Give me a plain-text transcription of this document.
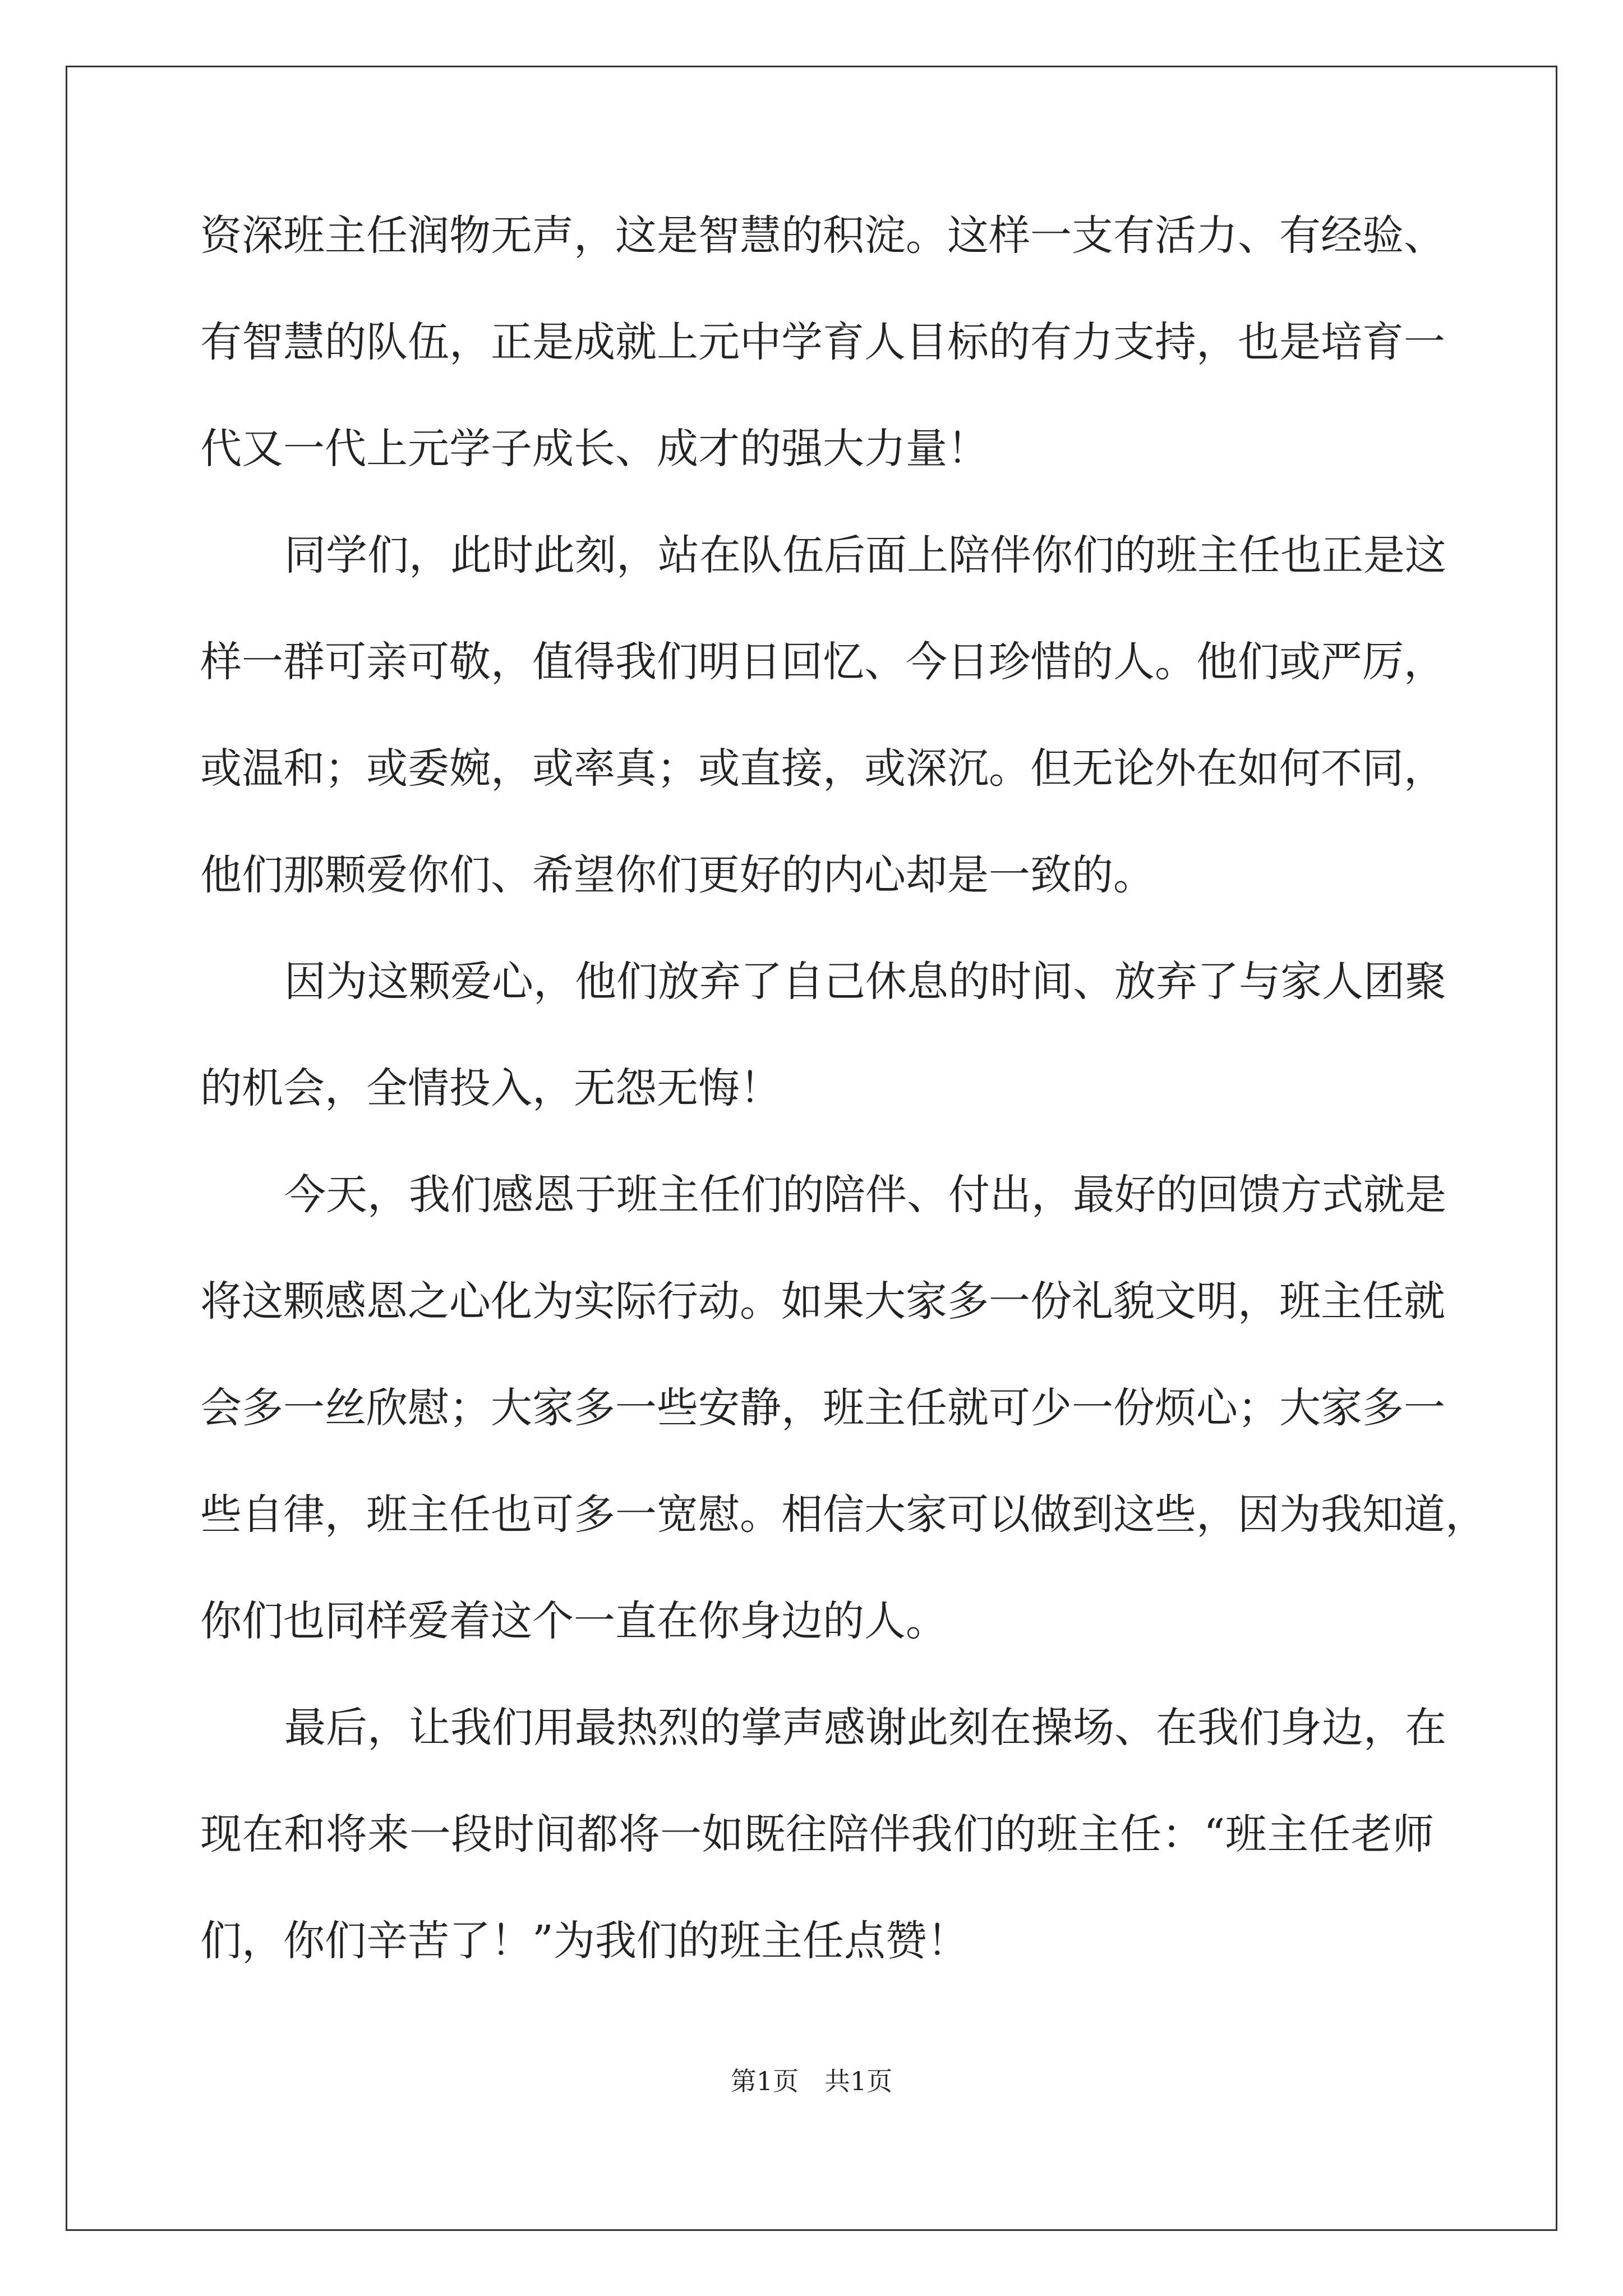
资深班主任润物无声，这是智慧的积淀。这样一支有活力、有经验、
有智慧的队伍，正是成就上元中学育人目标的有力支持，也是培育一
代又一代上元学子成长、成才的强大力量！
同学们，此时此刻，站在队伍后面上陪伴你们的班主任也正是这
样一群可亲可敬，值得我们明日回忆、今日珍惜的人。他们或严厉，
或温和；或委婉，或率真；或直接，或深沉。但无论外在如何不同，
他们那颗爱你们、希望你们更好的内心却是一致的。
因为这颗爱心，他们放弃了自己休息的时间、放弃了与家人团聚
的机会，全情投入，无怨无悔！
今天，我们感恩于班主任们的陪伴、付出，最好的回馈方式就是
将这颗感恩之心化为实际行动。如果大家多一份礼貌文明，班主任就
会多一丝欣慰；大家多一些安静，班主任就可少一份烦心；大家多一
些自律，班主任也可多一宽慰。相信大家可以做到这些，因为我知道，
你们也同样爱着这个一直在你身边的人。
最后，让我们用最热烈的掌声感谢此刻在操场、在我们身边，在
现在和将来一段时间都将一如既往陪伴我们的班主任：“班主任老师
们，你们辛苦了！”为我们的班主任点赞！
第1页　共1页
